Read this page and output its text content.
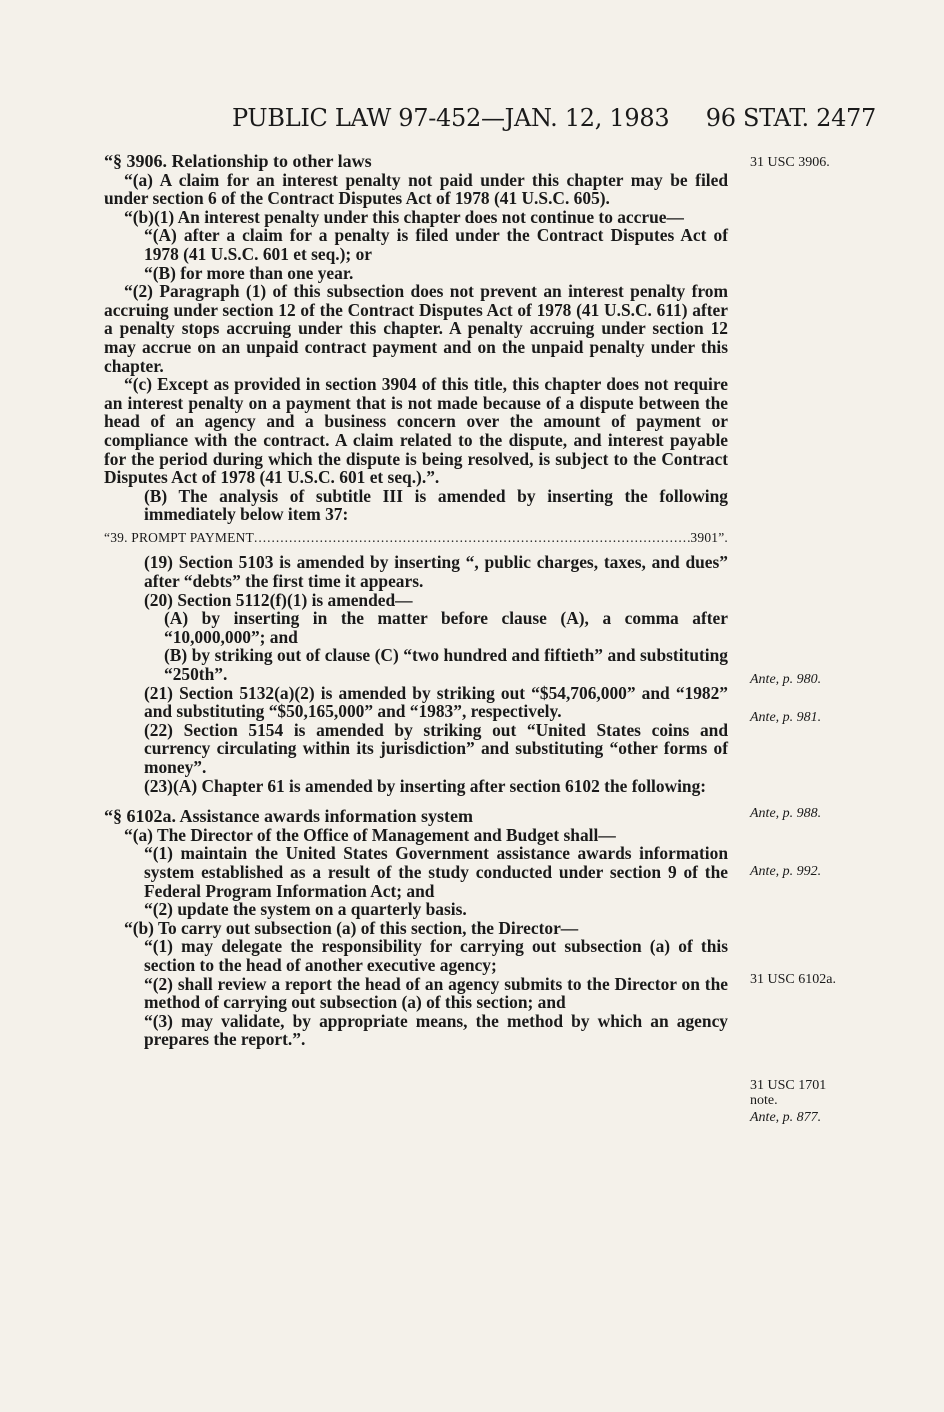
PUBLIC LAW 97-452—JAN. 12, 1983 96 STAT. 2477

“§ 3906. Relationship to other laws

“(a) A claim for an interest penalty not paid under this chapter may be filed under section 6 of the Contract Disputes Act of 1978 (41 U.S.C. 605).

“(b)(1) An interest penalty under this chapter does not continue to accrue—

“(A) after a claim for a penalty is filed under the Contract Disputes Act of 1978 (41 U.S.C. 601 et seq.); or

“(B) for more than one year.

“(2) Paragraph (1) of this subsection does not prevent an interest penalty from accruing under section 12 of the Contract Disputes Act of 1978 (41 U.S.C. 611) after a penalty stops accruing under this chapter. A penalty accruing under section 12 may accrue on an unpaid contract payment and on the unpaid penalty under this chapter.

“(c) Except as provided in section 3904 of this title, this chapter does not require an interest penalty on a payment that is not made because of a dispute between the head of an agency and a business concern over the amount of payment or compliance with the contract. A claim related to the dispute, and interest payable for the period during which the dispute is being resolved, is subject to the Contract Disputes Act of 1978 (41 U.S.C. 601 et seq.).”.

(B) The analysis of subtitle III is amended by inserting the following immediately below item 37:

“39. PROMPT PAYMENT
.....	3901”.

(19) Section 5103 is amended by inserting “, public charges, taxes, and dues” after “debts” the first time it appears.

(20) Section 5112(f)(1) is amended—

(A) by inserting in the matter before clause (A), a comma after “10,000,000”; and

(B) by striking out of clause (C) “two hundred and fiftieth” and substituting “250th”.

(21) Section 5132(a)(2) is amended by striking out “$54,706,000” and “1982” and substituting “$50,165,000” and “1983”, respectively.

(22) Section 5154 is amended by striking out “United States coins and currency circulating within its jurisdiction” and substituting “other forms of money”.

(23)(A) Chapter 61 is amended by inserting after section 6102 the following:

“§ 6102a. Assistance awards information system

“(a) The Director of the Office of Management and Budget shall—

“(1) maintain the United States Government assistance awards information system established as a result of the study conducted under section 9 of the Federal Program Information Act; and

“(2) update the system on a quarterly basis.

“(b) To carry out subsection (a) of this section, the Director—

“(1) may delegate the responsibility for carrying out subsection (a) of this section to the head of another executive agency;

“(2) shall review a report the head of an agency submits to the Director on the method of carrying out subsection (a) of this section; and

“(3) may validate, by appropriate means, the method by which an agency prepares the report.”.

31 USC 3906.
Ante, p. 980.
Ante, p. 981.
Ante, p. 988.
Ante, p. 992.
31 USC 6102a.
31 USC 1701 note.
Ante, p. 877.
